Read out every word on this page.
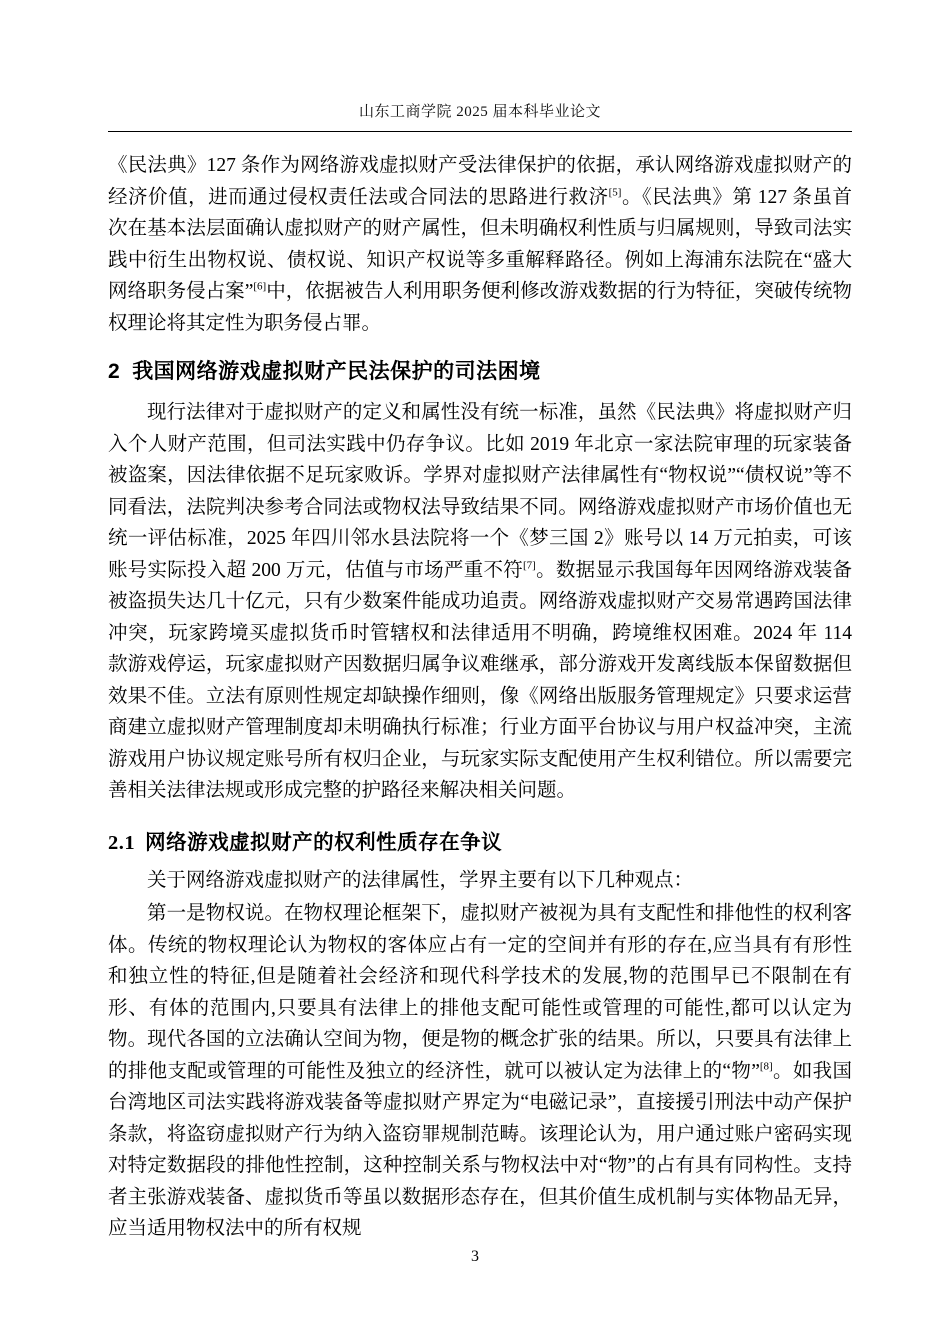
山东工商学院 2025 届本科毕业论文

《民法典》127 条作为网络游戏虚拟财产受法律保护的依据，承认网络游戏虚拟财产的经济价值，进而通过侵权责任法或合同法的思路进行救济[5]。《民法典》第 127 条虽首次在基本法层面确认虚拟财产的财产属性，但未明确权利性质与归属规则，导致司法实践中衍生出物权说、债权说、知识产权说等多重解释路径。例如上海浦东法院在“盛大网络职务侵占案”[6]中，依据被告人利用职务便利修改游戏数据的行为特征，突破传统物权理论将其定性为职务侵占罪。

2 我国网络游戏虚拟财产民法保护的司法困境

现行法律对于虚拟财产的定义和属性没有统一标准，虽然《民法典》将虚拟财产归入个人财产范围，但司法实践中仍存争议。比如 2019 年北京一家法院审理的玩家装备被盗案，因法律依据不足玩家败诉。学界对虚拟财产法律属性有“物权说”“债权说”等不同看法，法院判决参考合同法或物权法导致结果不同。网络游戏虚拟财产市场价值也无统一评估标准，2025 年四川邻水县法院将一个《梦三国 2》账号以 14 万元拍卖，可该账号实际投入超 200 万元，估值与市场严重不符[7]。数据显示我国每年因网络游戏装备被盗损失达几十亿元，只有少数案件能成功追责。网络游戏虚拟财产交易常遇跨国法律冲突，玩家跨境买虚拟货币时管辖权和法律适用不明确，跨境维权困难。2024 年 114 款游戏停运，玩家虚拟财产因数据归属争议难继承，部分游戏开发离线版本保留数据但效果不佳。立法有原则性规定却缺操作细则，像《网络出版服务管理规定》只要求运营商建立虚拟财产管理制度却未明确执行标准；行业方面平台协议与用户权益冲突，主流游戏用户协议规定账号所有权归企业，与玩家实际支配使用产生权利错位。所以需要完善相关法律法规或形成完整的护路径来解决相关问题。

2.1 网络游戏虚拟财产的权利性质存在争议

关于网络游戏虚拟财产的法律属性，学界主要有以下几种观点：

第一是物权说。在物权理论框架下，虚拟财产被视为具有支配性和排他性的权利客体。传统的物权理论认为物权的客体应占有一定的空间并有形的存在,应当具有有形性和独立性的特征,但是随着社会经济和现代科学技术的发展,物的范围早已不限制在有形、有体的范围内,只要具有法律上的排他支配可能性或管理的可能性,都可以认定为物。现代各国的立法确认空间为物，便是物的概念扩张的结果。所以，只要具有法律上的排他支配或管理的可能性及独立的经济性，就可以被认定为法律上的“物”[8]。如我国台湾地区司法实践将游戏装备等虚拟财产界定为“电磁记录”，直接援引刑法中动产保护条款，将盗窃虚拟财产行为纳入盗窃罪规制范畴。该理论认为，用户通过账户密码实现对特定数据段的排他性控制，这种控制关系与物权法中对“物”的占有具有同构性。支持者主张游戏装备、虚拟货币等虽以数据形态存在，但其价值生成机制与实体物品无异，应当适用物权法中的所有权规

3
